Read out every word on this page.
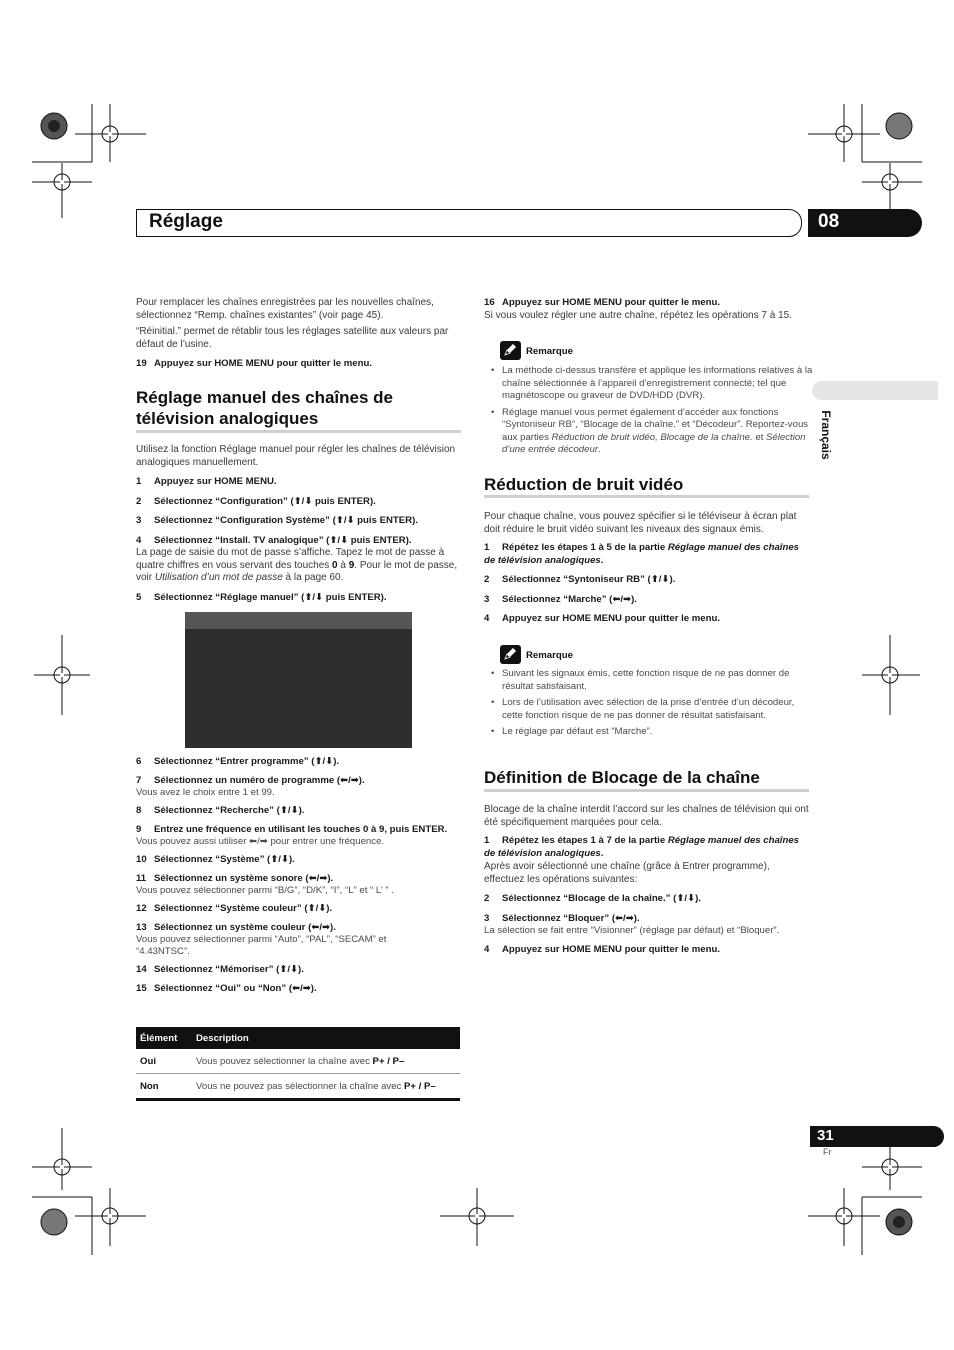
Réglage	08
Français
Pour remplacer les chaînes enregistrées par les nouvelles chaînes, sélectionnez “Remp. chaînes existantes” (voir page 45).
“Réinitial.” permet de rétablir tous les réglages satellite aux valeurs par défaut de l’usine.
19 Appuyez sur HOME MENU pour quitter le menu.
Réglage manuel des chaînes de télévision analogiques
Utilisez la fonction Réglage manuel pour régler les chaînes de télévision analogiques manuellement.
1 Appuyez sur HOME MENU.
2 Sélectionnez “Configuration” (⬆/⬇ puis ENTER).
3 Sélectionnez “Configuration Système” (⬆/⬇ puis ENTER).
4 Sélectionnez “Install. TV analogique” (⬆/⬇ puis ENTER).
La page de saisie du mot de passe s’affiche. Tapez le mot de passe à quatre chiffres en vous servant des touches 0 à 9. Pour le mot de passe, voir Utilisation d’un mot de passe à la page 60.
5 Sélectionnez “Réglage manuel” (⬆/⬇ puis ENTER).
6 Sélectionnez “Entrer programme” (⬆/⬇).
7 Sélectionnez un numéro de programme (⬅/➡).
Vous avez le choix entre 1 et 99.
8 Sélectionnez “Recherche” (⬆/⬇).
9 Entrez une fréquence en utilisant les touches 0 à 9, puis ENTER.
Vous pouvez aussi utiliser ⬅/➡ pour entrer une fréquence.
10 Sélectionnez “Système” (⬆/⬇).
11 Sélectionnez un système sonore (⬅/➡).
Vous pouvez sélectionner parmi “B/G”, “D/K”, “I”, “L” et “ L’ ” .
12 Sélectionnez “Système couleur” (⬆/⬇).
13 Sélectionnez un système couleur (⬅/➡).
Vous pouvez sélectionner parmi “Auto”, “PAL”, “SECAM” et “4.43NTSC”.
14 Sélectionnez “Mémoriser” (⬆/⬇).
15 Sélectionnez “Oui” ou “Non” (⬅/➡).
Élément	Description
Oui	Vous pouvez sélectionner la chaîne avec P+ / P–
Non	Vous ne pouvez pas sélectionner la chaîne avec P+ / P–
16 Appuyez sur HOME MENU pour quitter le menu.
Si vous voulez régler une autre chaîne, répétez les opérations 7 à 15.
Remarque
• La méthode ci-dessus transfère et applique les informations relatives à la chaîne sélectionnée à l’appareil d’enregistrement connecté; tel que magnétoscope ou graveur de DVD/HDD (DVR).
• Réglage manuel vous permet également d’accéder aux fonctions “Syntoniseur RB”, “Blocage de la chaîne.” et “Décodeur”. Reportez-vous aux parties Réduction de bruit vidéo, Blocage de la chaîne. et Sélection d’une entrée décodeur.
Réduction de bruit vidéo
Pour chaque chaîne, vous pouvez spécifier si le téléviseur à écran plat doit réduire le bruit vidéo suivant les niveaux des signaux émis.
1 Répétez les étapes 1 à 5 de la partie Réglage manuel des chaînes de télévision analogiques.
2 Sélectionnez “Syntoniseur RB” (⬆/⬇).
3 Sélectionnez “Marche” (⬅/➡).
4 Appuyez sur HOME MENU pour quitter le menu.
Remarque
• Suivant les signaux émis, cette fonction risque de ne pas donner de résultat satisfaisant.
• Lors de l’utilisation avec sélection de la prise d’entrée d’un décodeur, cette fonction risque de ne pas donner de résultat satisfaisant.
• Le réglage par défaut est “Marche”.
Définition de Blocage de la chaîne
Blocage de la chaîne interdit l’accord sur les chaînes de télévision qui ont été spécifiquement marquées pour cela.
1 Répétez les étapes 1 à 7 de la partie Réglage manuel des chaînes de télévision analogiques.
Après avoir sélectionné une chaîne (grâce à Entrer programme), effectuez les opérations suivantes:
2 Sélectionnez “Blocage de la chaîne.” (⬆/⬇).
3 Sélectionnez “Bloquer” (⬅/➡).
La sélection se fait entre “Visionner” (réglage par défaut) et “Bloquer”.
4 Appuyez sur HOME MENU pour quitter le menu.
31
Fr
